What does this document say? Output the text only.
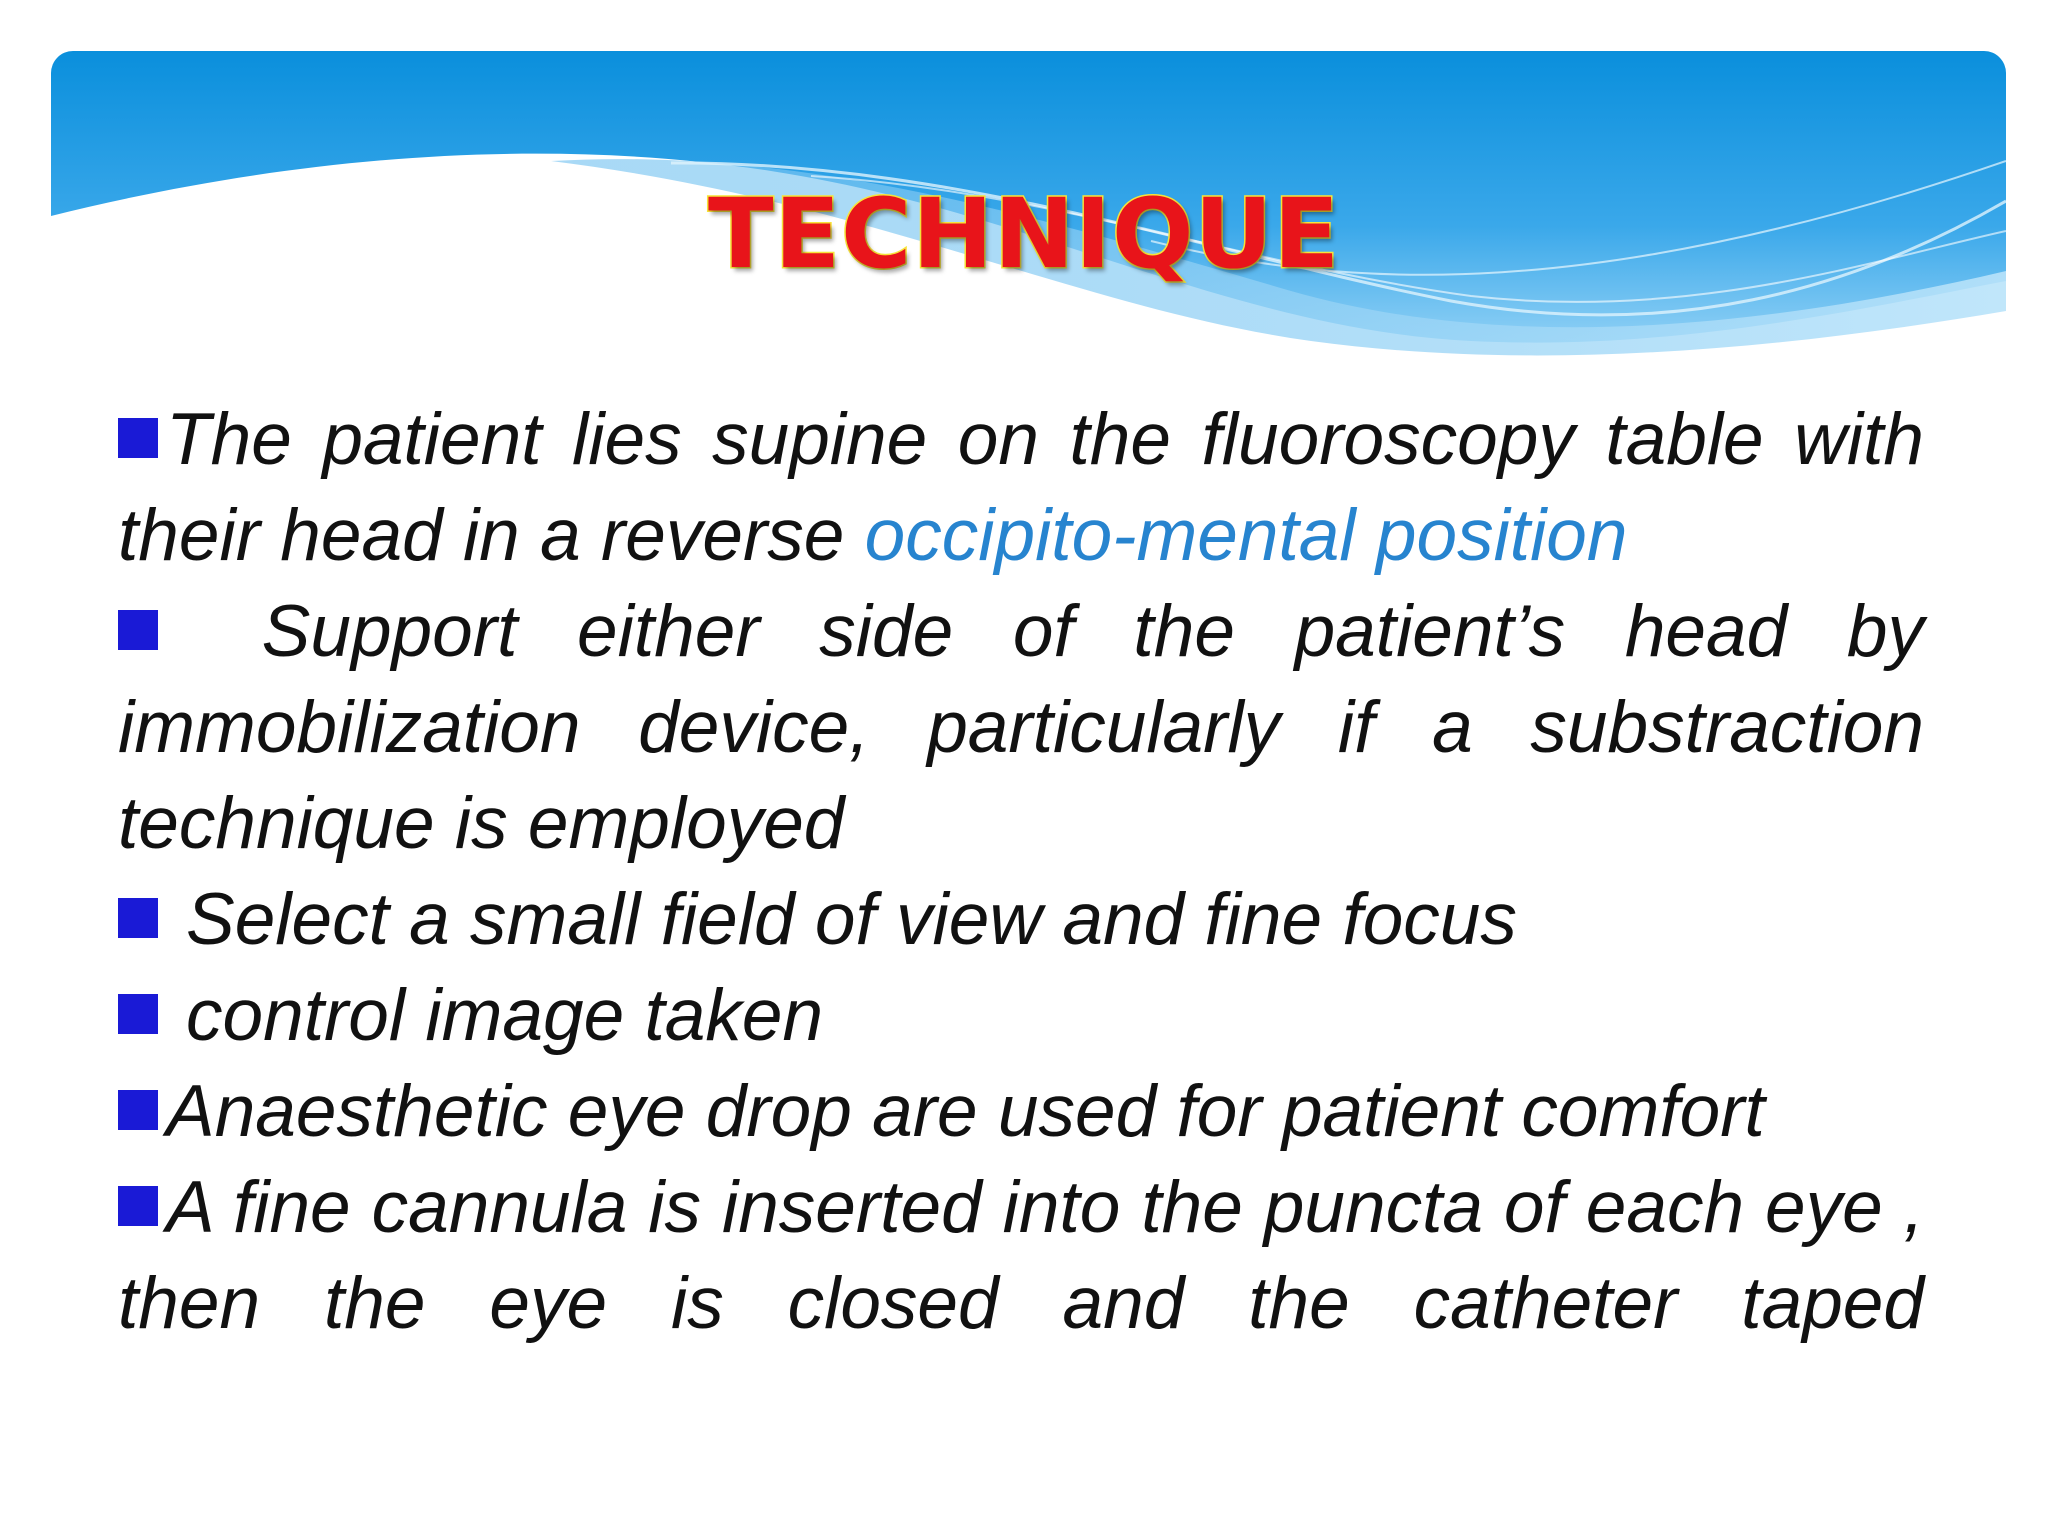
TECHNIQUE

The patient lies supine on the fluoroscopy table with their head in a reverse occipito-mental position

Support either side of the patient’s head by immobilization device, particularly if a substraction technique is employed

Select a small field of view and fine focus

control image taken

Anaesthetic eye drop are used for patient comfort

A fine cannula is inserted into the puncta of each eye , then the eye is closed and the catheter taped
